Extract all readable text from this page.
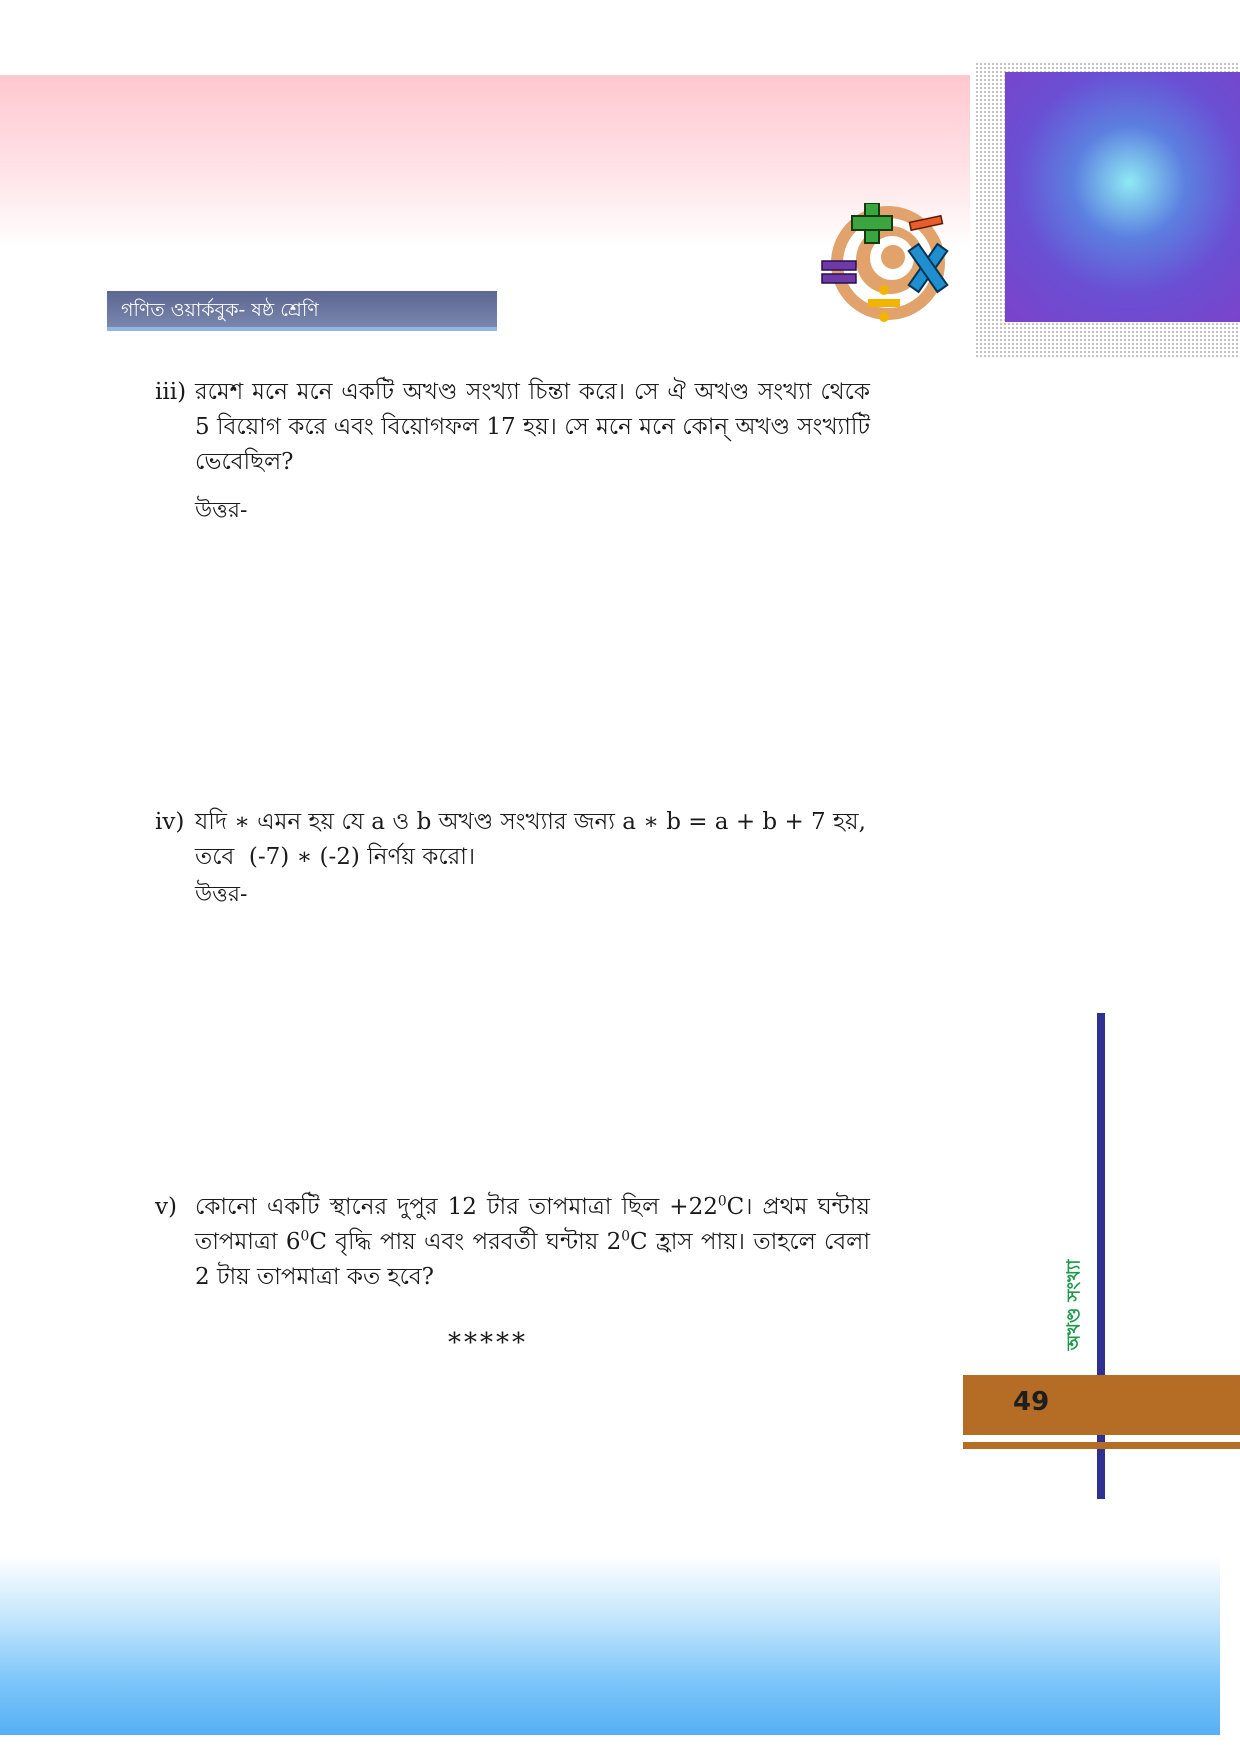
গণিত ওয়ার্কবুক- ষষ্ঠ শ্রেণি
iii) রমেশ মনে মনে একটি অখণ্ড সংখ্যা চিন্তা করে। সে ঐ অখণ্ড সংখ্যা থেকে 5 বিয়োগ করে এবং বিয়োগফল 17 হয়। সে মনে মনে কোন্ অখণ্ড সংখ্যাটি ভেবেছিল?
উত্তর-
iv) যদি ∗ এমন হয় যে a ও b অখণ্ড সংখ্যার জন্য a ∗ b = a + b + 7 হয়,
তবে  (-7) ∗ (-2) নির্ণয় করো।
উত্তর-
v) কোনো একটি স্থানের দুপুর 12 টার তাপমাত্রা ছিল $+22^0C।$ প্রথম ঘন্টায় তাপমাত্রা $6^0C$ বৃদ্ধি পায় এবং পরবর্তী ঘন্টায় $2^0C$ হ্রাস পায়। তাহলে বেলা 2 টায় তাপমাত্রা কত হবে?
*****	অখণ্ড সংখ্যা
49
